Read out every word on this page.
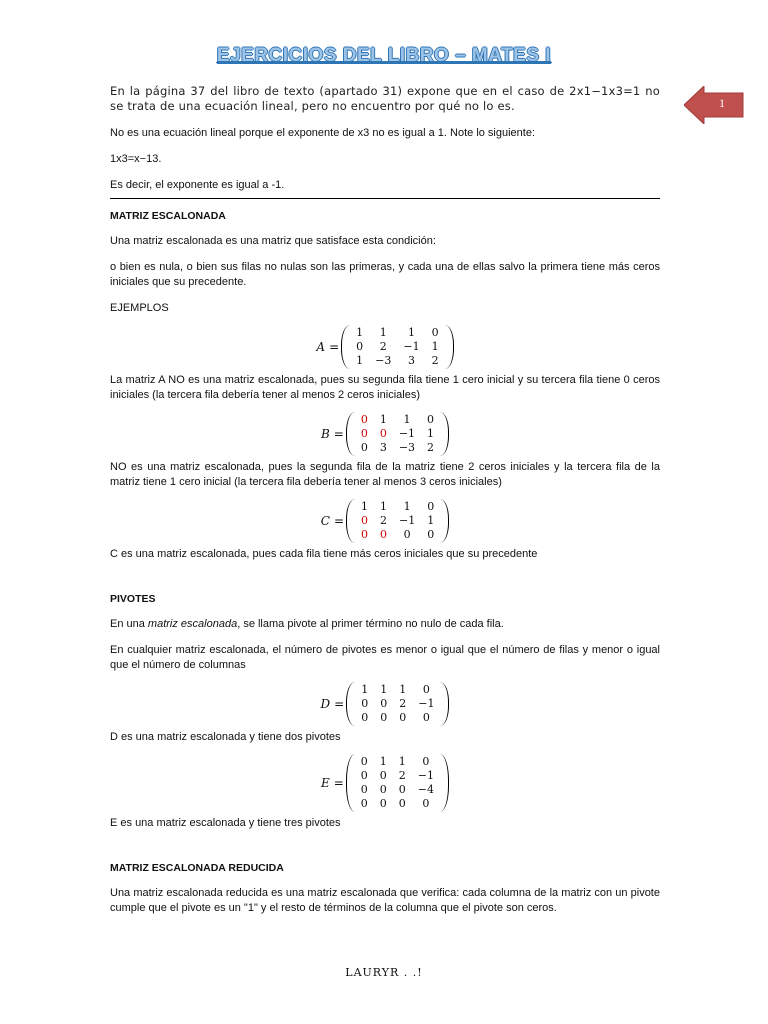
EJERCICIOS DEL LIBRO – MATES I
1

En la página 37 del libro de texto (apartado 31) expone que en el caso de 2x1−1x3=1 no se trata de una ecuación lineal, pero no encuentro por qué no lo es.

No es una ecuación lineal porque el exponente de x3 no es igual a 1. Note lo siguiente:

1x3=x−13.

Es decir, el exponente es igual a -1.

MATRIZ ESCALONADA

Una matriz escalonada es una matriz que satisface esta condición:

o bien es nula, o bien sus filas no nulas son las primeras, y cada una de ellas salvo la primera tiene más ceros iniciales que su precedente.

EJEMPLOS

A =
1	1	1	0
0	2	−1	1
1	−3	3	2

La matriz A NO es una matriz escalonada, pues su segunda fila tiene 1 cero inicial y su tercera fila tiene 0 ceros iniciales (la tercera fila debería tener al menos 2 ceros iniciales)

B =
0	1	1	0
0	0	−1	1
0	3	−3	2

NO es una matriz escalonada, pues la segunda fila de la matriz tiene 2 ceros iniciales y la tercera fila de la matriz tiene 1 cero inicial (la tercera fila debería tener al menos 3 ceros iniciales)

C =
1	1	1	0
0	2	−1	1
0	0	0	0

C es una matriz escalonada, pues cada fila tiene más ceros iniciales que su precedente

PIVOTES

En una matriz escalonada, se llama pivote al primer término no nulo de cada fila.

En cualquier matriz escalonada, el número de pivotes es menor o igual que el número de filas y menor o igual que el número de columnas

D =
1	1	1	0
0	0	2	−1
0	0	0	0

D es una matriz escalonada y tiene dos pivotes

E =
0	1	1	0
0	0	2	−1
0	0	0	−4
0	0	0	0

E es una matriz escalonada y tiene tres pivotes

MATRIZ ESCALONADA REDUCIDA

Una matriz escalonada reducida es una matriz escalonada que verifica: cada columna de la matriz con un pivote cumple que el pivote es un "1" y el resto de términos de la columna que el pivote son ceros.

LAURYR . .!
